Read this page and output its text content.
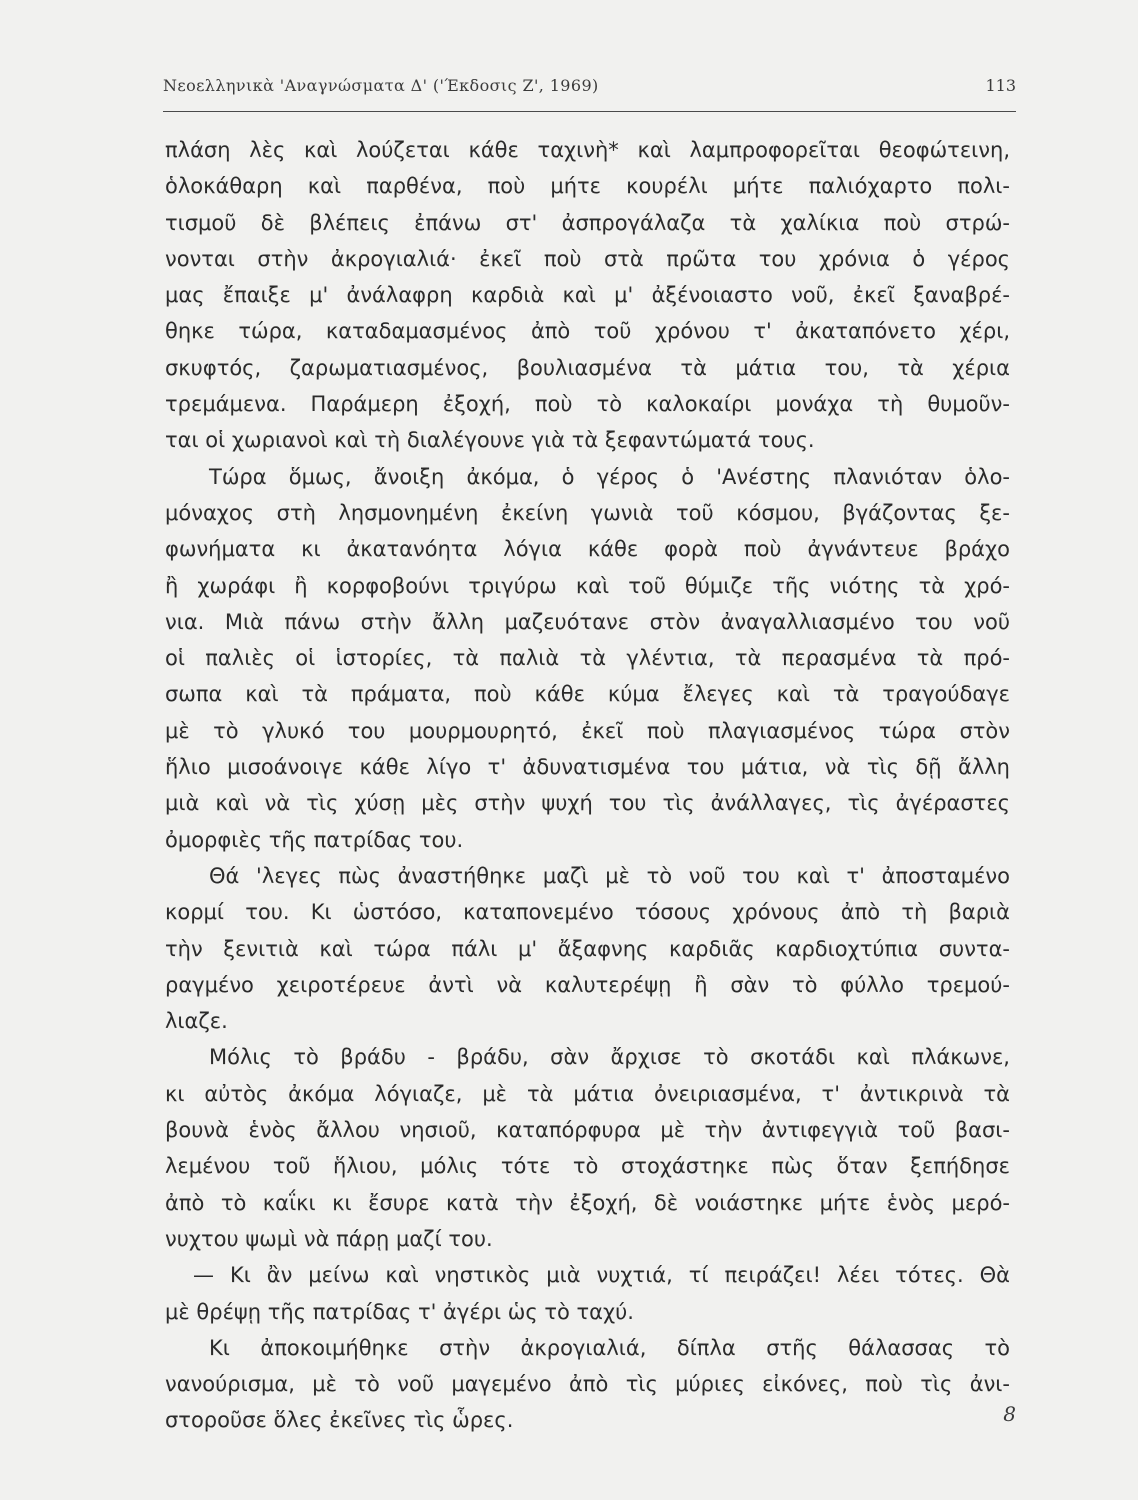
Νεοελληνικὰ 'Αναγνώσματα Δ' ('Έκδοσις Ζ', 1969)	113
πλάση λὲς καὶ λούζεται κάθε ταχινὴ* καὶ λαμπροφορεῖται θεοφώτεινη,
ὁλοκάθαρη καὶ παρθένα, ποὺ μήτε κουρέλι μήτε παλιόχαρτο πολι-
τισμοῦ δὲ βλέπεις ἐπάνω στ' ἀσπρογάλαζα τὰ χαλίκια ποὺ στρώ-
νονται στὴν ἀκρογιαλιά· ἐκεῖ ποὺ στὰ πρῶτα του χρόνια ὁ γέρος
μας ἔπαιξε μ' ἀνάλαφρη καρδιὰ καὶ μ' ἀξένοιαστο νοῦ, ἐκεῖ ξαναβρέ-
θηκε τώρα, καταδαμασμένος ἀπὸ τοῦ χρόνου τ' ἀκαταπόνετο χέρι,
σκυφτός, ζαρωματιασμένος, βουλιασμένα τὰ μάτια του, τὰ χέρια
τρεμάμενα. Παράμερη ἐξοχή, ποὺ τὸ καλοκαίρι μονάχα τὴ θυμοῦν-
ται οἱ χωριανοὶ καὶ τὴ διαλέγουνε γιὰ τὰ ξεφαντώματά τους.
Τώρα ὅμως, ἄνοιξη ἀκόμα, ὁ γέρος ὁ 'Ανέστης πλανιόταν ὁλο-
μόναχος στὴ λησμονημένη ἐκείνη γωνιὰ τοῦ κόσμου, βγάζοντας ξε-
φωνήματα κι ἀκατανόητα λόγια κάθε φορὰ ποὺ ἀγνάντευε βράχο
ἢ χωράφι ἢ κορφοβούνι τριγύρω καὶ τοῦ θύμιζε τῆς νιότης τὰ χρό-
νια. Μιὰ πάνω στὴν ἄλλη μαζευότανε στὸν ἀναγαλλιασμένο του νοῦ
οἱ παλιὲς οἱ ἱστορίες, τὰ παλιὰ τὰ γλέντια, τὰ περασμένα τὰ πρό-
σωπα καὶ τὰ πράματα, ποὺ κάθε κύμα ἔλεγες καὶ τὰ τραγούδαγε
μὲ τὸ γλυκό του μουρμουρητό, ἐκεῖ ποὺ πλαγιασμένος τώρα στὸν
ἥλιο μισοάνοιγε κάθε λίγο τ' ἀδυνατισμένα του μάτια, νὰ τὶς δῇ ἄλλη
μιὰ καὶ νὰ τὶς χύσῃ μὲς στὴν ψυχή του τὶς ἀνάλλαγες, τὶς ἀγέραστες
ὀμορφιὲς τῆς πατρίδας του.
Θά 'λεγες πὼς ἀναστήθηκε μαζὶ μὲ τὸ νοῦ του καὶ τ' ἀποσταμένο
κορμί του. Κι ὡστόσο, καταπονεμένο τόσους χρόνους ἀπὸ τὴ βαριὰ
τὴν ξενιτιὰ καὶ τώρα πάλι μ' ἄξαφνης καρδιᾶς καρδιοχτύπια συντα-
ραγμένο χειροτέρευε ἀντὶ νὰ καλυτερέψῃ ἢ σὰν τὸ φύλλο τρεμού-
λιαζε.
Μόλις τὸ βράδυ - βράδυ, σὰν ἄρχισε τὸ σκοτάδι καὶ πλάκωνε,
κι αὐτὸς ἀκόμα λόγιαζε, μὲ τὰ μάτια ὀνειριασμένα, τ' ἀντικρινὰ τὰ
βουνὰ ἑνὸς ἄλλου νησιοῦ, καταπόρφυρα μὲ τὴν ἀντιφεγγιὰ τοῦ βασι-
λεμένου τοῦ ἥλιου, μόλις τότε τὸ στοχάστηκε πὼς ὅταν ξεπήδησε
ἀπὸ τὸ καΐκι κι ἔσυρε κατὰ τὴν ἐξοχή, δὲ νοιάστηκε μήτε ἑνὸς μερό-
νυχτου ψωμὶ νὰ πάρῃ μαζί του.
— Κι ἂν μείνω καὶ νηστικὸς μιὰ νυχτιά, τί πειράζει! λέει τότες. Θὰ
μὲ θρέψῃ τῆς πατρίδας τ' ἀγέρι ὡς τὸ ταχύ.
Κι ἀποκοιμήθηκε στὴν ἀκρογιαλιά, δίπλα στῆς θάλασσας τὸ
νανούρισμα, μὲ τὸ νοῦ μαγεμένο ἀπὸ τὶς μύριες εἰκόνες, ποὺ τὶς ἀνι-
στοροῦσε ὅλες ἐκεῖνες τὶς ὧρες.	8
